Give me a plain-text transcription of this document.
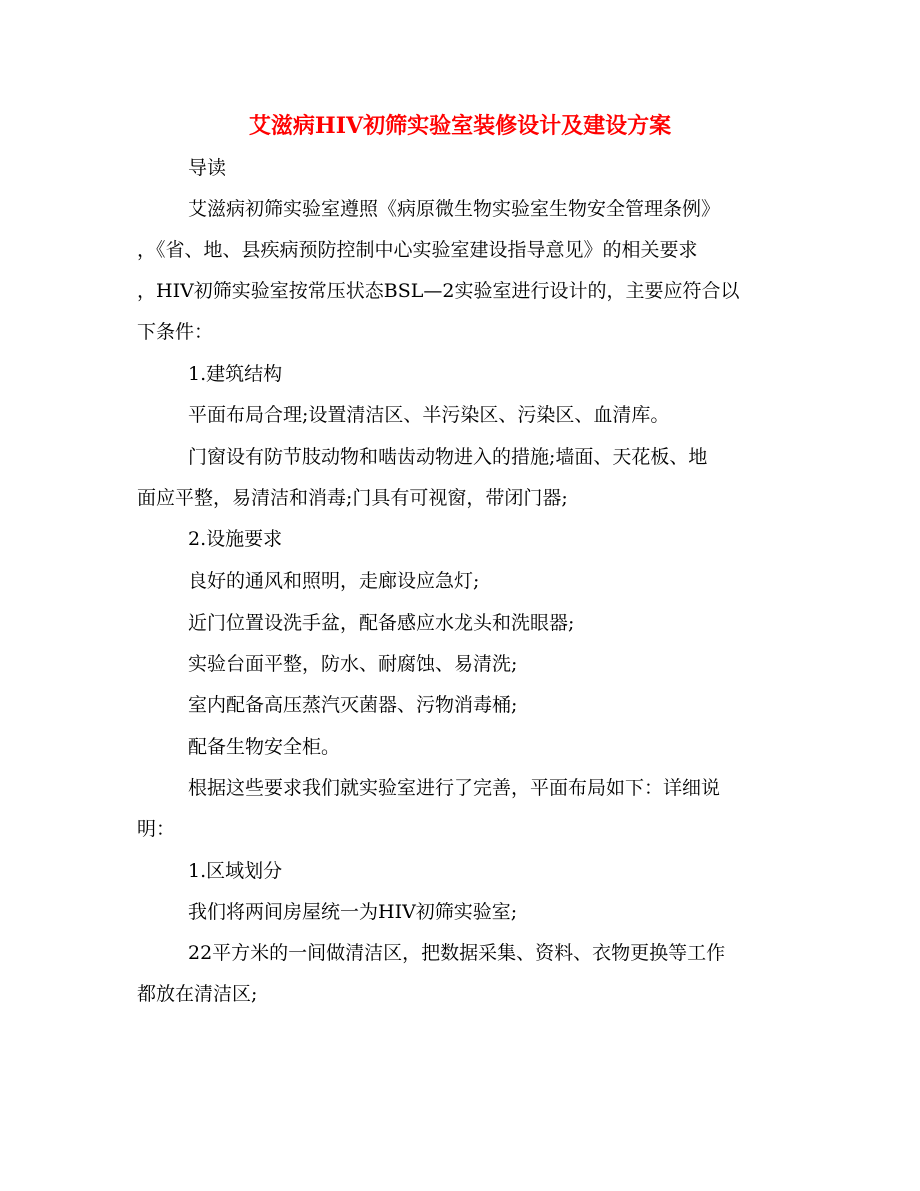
艾滋病HIV初筛实验室装修设计及建设方案

导读

艾滋病初筛实验室遵照《病原微生物实验室生物安全管理条例》

，《省、地、县疾病预防控制中心实验室建设指导意见》的相关要求

，HIV初筛实验室按常压状态BSL—2实验室进行设计的，主要应符合以

下条件：

1.建筑结构

平面布局合理;设置清洁区、半污染区、污染区、血清库。

门窗设有防节肢动物和啮齿动物进入的措施;墙面、天花板、地

面应平整，易清洁和消毒;门具有可视窗，带闭门器;

2.设施要求

良好的通风和照明，走廊设应急灯;

近门位置设洗手盆，配备感应水龙头和洗眼器;

实验台面平整，防水、耐腐蚀、易清洗;

室内配备高压蒸汽灭菌器、污物消毒桶;

配备生物安全柜。

根据这些要求我们就实验室进行了完善，平面布局如下：详细说

明：

1.区域划分

我们将两间房屋统一为HIV初筛实验室;

22平方米的一间做清洁区，把数据采集、资料、衣物更换等工作

都放在清洁区;
